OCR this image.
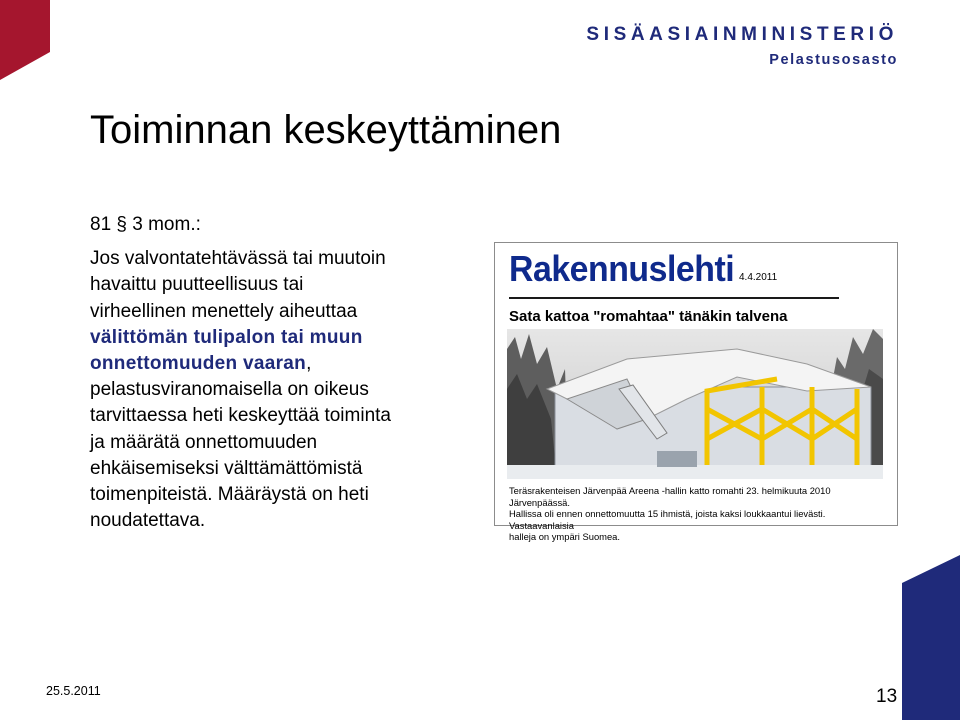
SISÄASIAINMINISTERIÖ
Pelastusosasto
Toiminnan keskeyttäminen

81 § 3 mom.:

Jos valvontatehtävässä tai muutoin

havaittu puutteellisuus tai

virheellinen menettely aiheuttaa

välittömän tulipalon tai muun

onnettomuuden vaaran,

pelastusviranomaisella on oikeus

tarvittaessa heti keskeyttää toiminta

ja määrätä onnettomuuden

ehkäisemiseksi välttämättömistä

toimenpiteistä. Määräystä on heti

noudatettava.

Rakennuslehti 4.4.2011
Sata kattoa "romahtaa" tänäkin talvena

Teräsrakenteisen Järvenpää Areena -hallin katto romahti 23. helmikuuta 2010 Järvenpäässä.

Hallissa oli ennen onnettomuutta 15 ihmistä, joista kaksi loukkaantui lievästi. Vastaavanlaisia

halleja on ympäri Suomea.

25.5.2011	13
